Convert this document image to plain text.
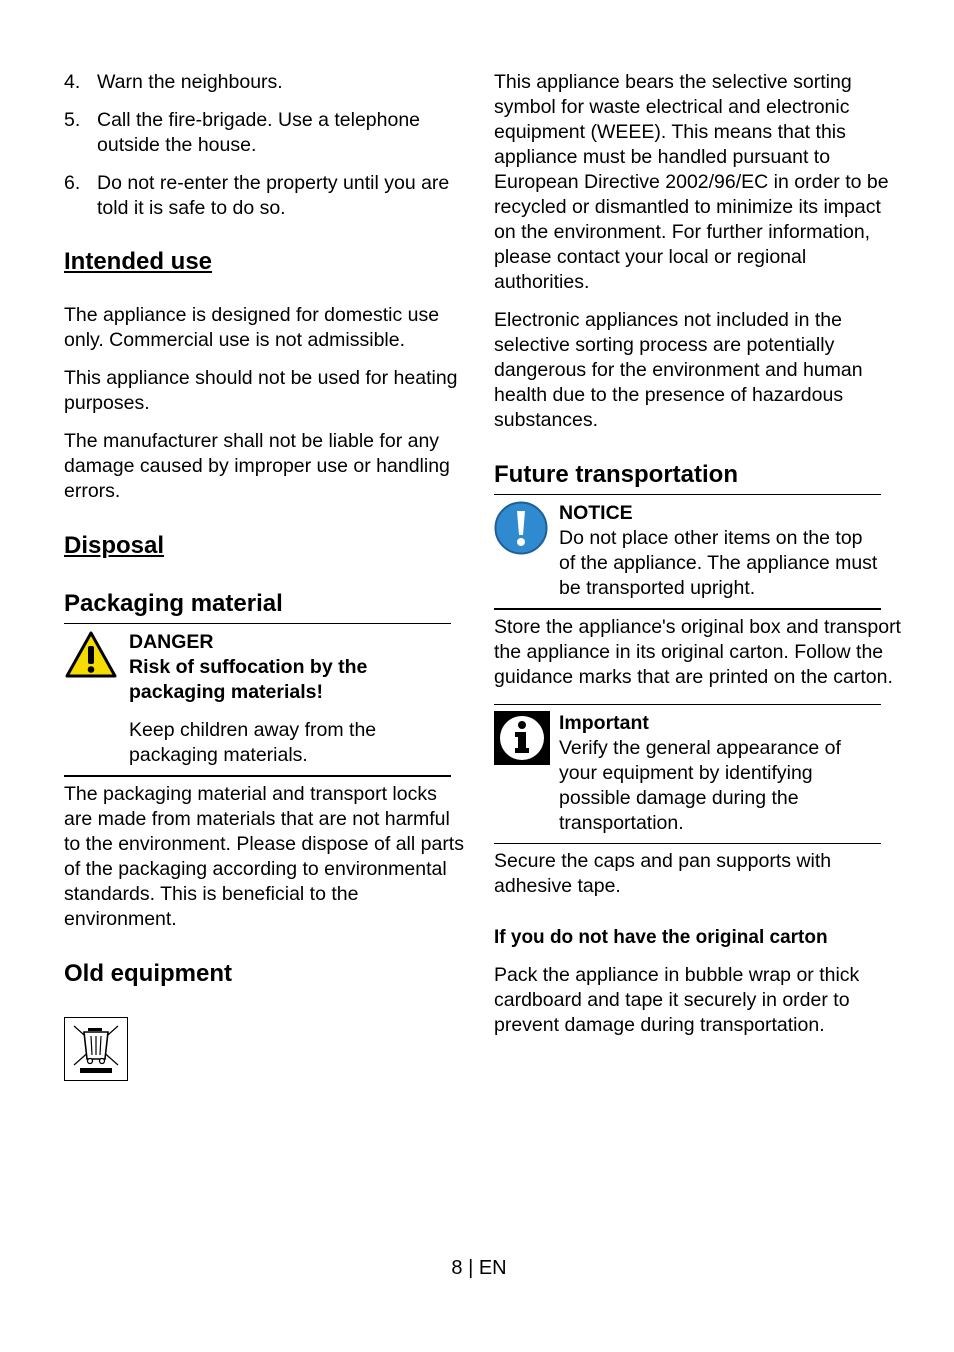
4. Warn the neighbours.
5. Call the fire-brigade. Use a telephone outside the house.
6. Do not re-enter the property until you are told it is safe to do so.
Intended use

The appliance is designed for domestic use only. Commercial use is not admissible.

This appliance should not be used for heating purposes.

The manufacturer shall not be liable for any damage caused by improper use or handling errors.

Disposal
Packaging material
DANGER
Risk of suffocation by the packaging materials!
Keep children away from the packaging materials.

The packaging material and transport locks are made from materials that are not harmful to the environment. Please dispose of all parts of the packaging according to environmental standards. This is beneficial to the environment.

Old equipment

This appliance bears the selective sorting symbol for waste electrical and electronic equipment (WEEE). This means that this appliance must be handled pursuant to European Directive 2002/96/EC in order to be recycled or dismantled to minimize its impact on the environment. For further information, please contact your local or regional authorities.

Electronic appliances not included in the selective sorting process are potentially dangerous for the environment and human health due to the presence of hazardous substances.

Future transportation
NOTICE
Do not place other items on the top of the appliance. The appliance must be transported upright.

Store the appliance's original box and transport the appliance in its original carton. Follow the guidance marks that are printed on the carton.

Important
Verify the general appearance of your equipment by identifying possible damage during the transportation.

Secure the caps and pan supports with adhesive tape.

If you do not have the original carton

Pack the appliance in bubble wrap or thick cardboard and tape it securely in order to prevent damage during transportation.

8 | EN
